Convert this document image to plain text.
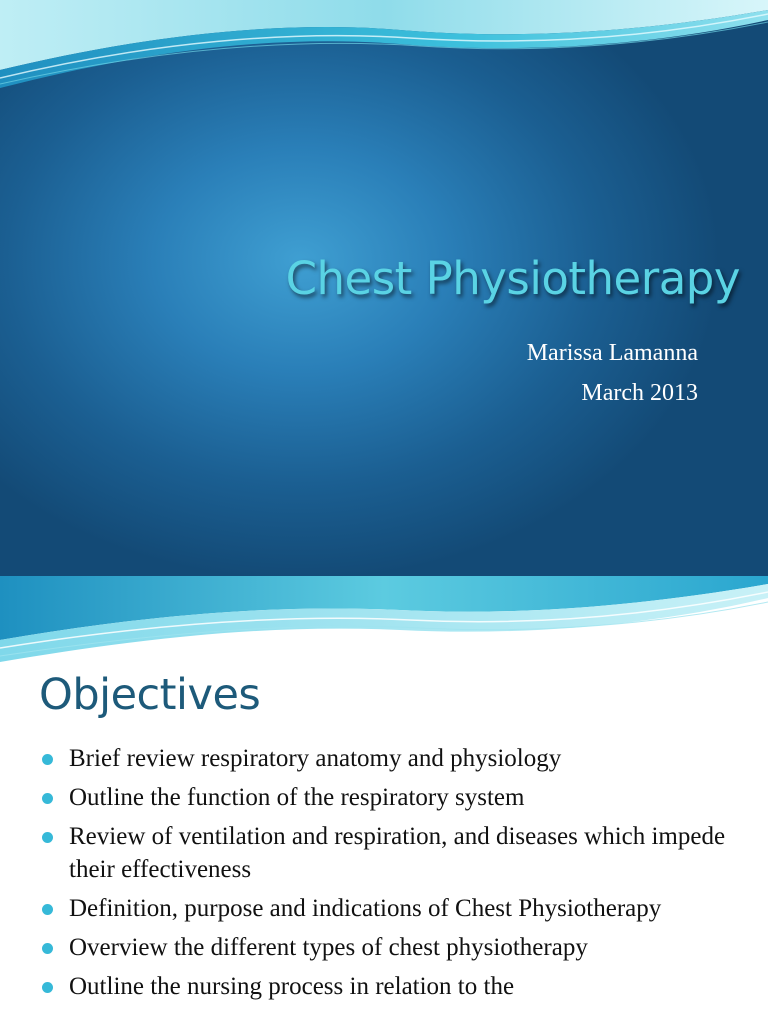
Chest Physiotherapy

Marissa Lamanna

March 2013

Objectives
Brief review respiratory anatomy and physiology
Outline the function of the respiratory system
Review of ventilation and respiration, and diseases which impede their effectiveness
Definition, purpose and indications of Chest Physiotherapy
Overview the different types of chest physiotherapy
Outline the nursing process in relation to the
